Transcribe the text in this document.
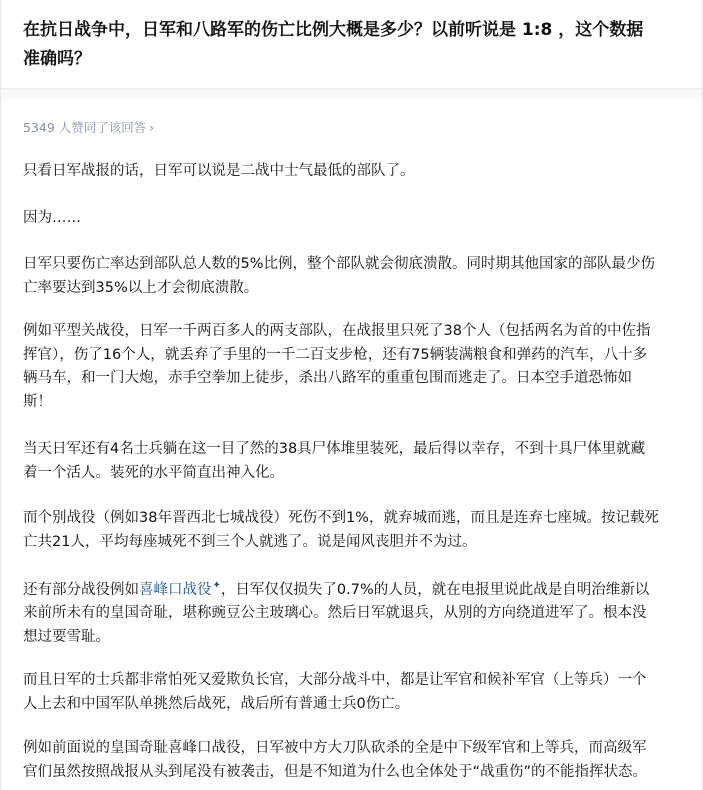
在抗日战争中，日军和八路军的伤亡比例大概是多少？以前听说是 1:8 ，这个数据
准确吗？
5349 人赞同了该回答 ›

只看日军战报的话，日军可以说是二战中士气最低的部队了。

因为……

日军只要伤亡率达到部队总人数的5%比例，整个部队就会彻底溃散。同时期其他国家的部队最少伤
亡率要达到35%以上才会彻底溃散。

例如平型关战役，日军一千两百多人的两支部队，在战报里只死了38个人（包括两名为首的中佐指
挥官），伤了16个人，就丢弃了手里的一千二百支步枪，还有75辆装满粮食和弹药的汽车，八十多
辆马车，和一门大炮，赤手空拳加上徒步，杀出八路军的重重包围而逃走了。日本空手道恐怖如
斯！

当天日军还有4名士兵躺在这一目了然的38具尸体堆里装死，最后得以幸存，不到十具尸体里就藏
着一个活人。装死的水平简直出神入化。

而个别战役（例如38年晋西北七城战役）死伤不到1%，就弃城而逃，而且是连弃七座城。按记载死
亡共21人，平均每座城死不到三个人就逃了。说是闻风丧胆并不为过。

还有部分战役例如喜峰口战役✦，日军仅仅损失了0.7%的人员，就在电报里说此战是自明治维新以
来前所未有的皇国奇耻，堪称豌豆公主玻璃心。然后日军就退兵，从别的方向绕道进军了。根本没
想过要雪耻。

而且日军的士兵都非常怕死又爱欺负长官，大部分战斗中，都是让军官和候补军官（上等兵）一个
人上去和中国军队单挑然后战死，战后所有普通士兵0伤亡。

例如前面说的皇国奇耻喜峰口战役，日军被中方大刀队砍杀的全是中下级军官和上等兵，而高级军
官们虽然按照战报从头到尾没有被袭击，但是不知道为什么也全体处于“战重伤”的不能指挥状态。
